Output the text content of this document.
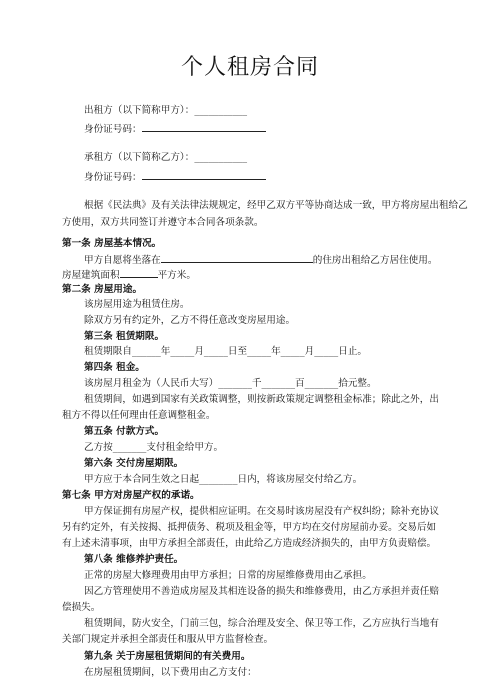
个人租房合同
出租方（以下简称甲方）：___________
身份证号码：
承租方（以下简称乙方）：___________
身份证号码：
根据《民法典》及有关法律法规规定，经甲乙双方平等协商达成一致，甲方将房屋出租给乙
方使用，双方共同签订并遵守本合同各项条款。
第一条 房屋基本情况。
甲方自愿将坐落在	的住房出租给乙方居住使用。
房屋建筑面积	平方米。
第二条 房屋用途。
该房屋用途为租赁住房。
除双方另有约定外，乙方不得任意改变房屋用途。
第三条 租赁期限。
租赁期限自______年_____月_____日至_____年_____月_____日止。
第四条 租金。
该房屋月租金为（人民币大写）_______千_______百_______拾元整。
租赁期间，如遇到国家有关政策调整，则按新政策规定调整租金标准；除此之外，出
租方不得以任何理由任意调整租金。
第五条 付款方式。
乙方按_______支付租金给甲方。
第六条 交付房屋期限。
甲方应于本合同生效之日起________日内，将该房屋交付给乙方。
第七条 甲方对房屋产权的承诺。
甲方保证拥有房屋产权，提供相应证明。在交易时该房屋没有产权纠纷；除补充协议
另有约定外，有关按揭、抵押债务、税项及租金等，甲方均在交付房屋前办妥。交易后如
有上述未清事项，由甲方承担全部责任，由此给乙方造成经济损失的，由甲方负责赔偿。
第八条 维修养护责任。
正常的房屋大修理费用由甲方承担；日常的房屋维修费用由乙承担。
因乙方管理使用不善造成房屋及其相连设备的损失和维修费用，由乙方承担并责任赔
偿损失。
租赁期间，防火安全，门前三包，综合治理及安全、保卫等工作，乙方应执行当地有
关部门规定并承担全部责任和服从甲方监督检查。
第九条 关于房屋租赁期间的有关费用。
在房屋租赁期间，以下费用由乙方支付：
